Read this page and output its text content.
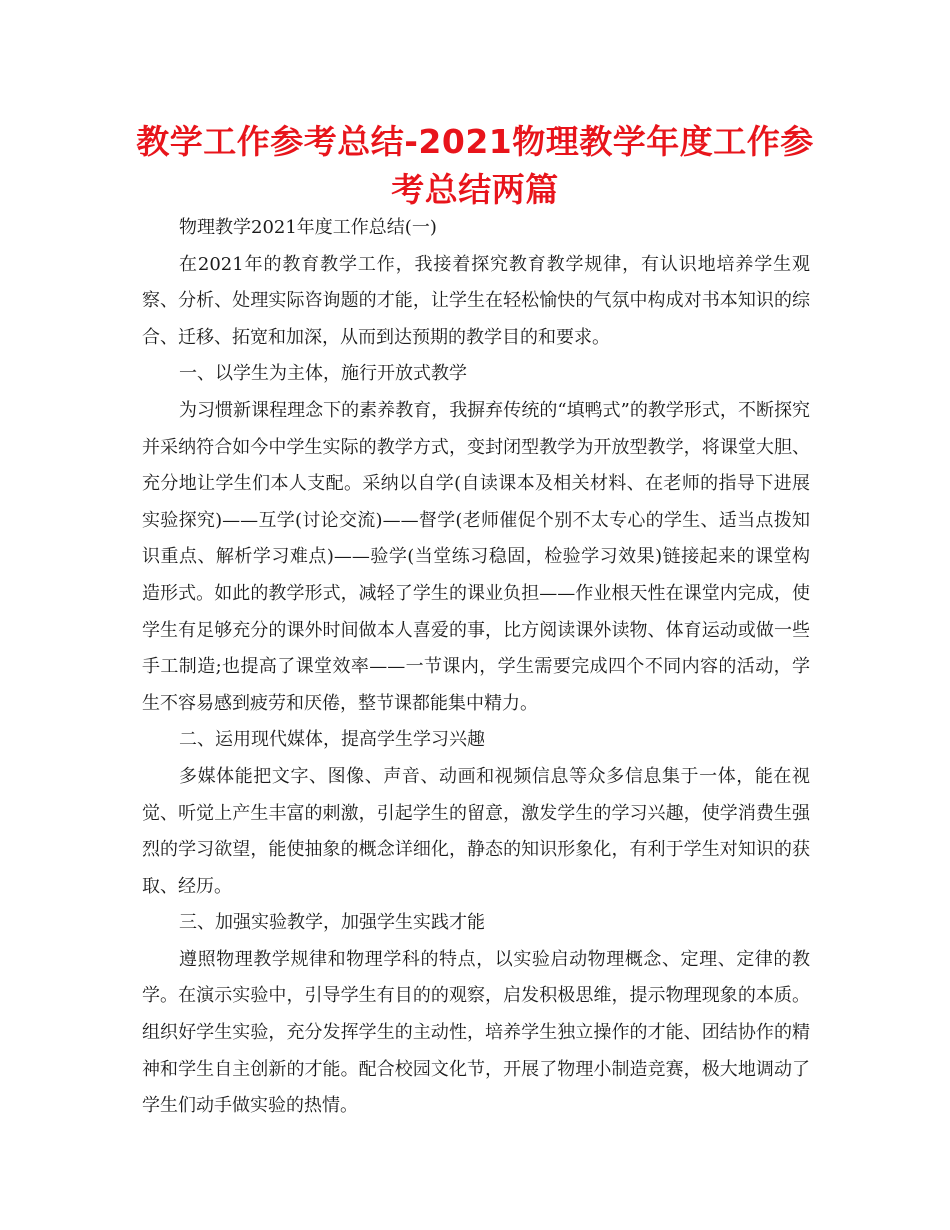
教学工作参考总结-2021物理教学年度工作参考总结两篇

物理教学2021年度工作总结(一)

在2021年的教育教学工作，我接着探究教育教学规律，有认识地培养学生观察、分析、处理实际咨询题的才能，让学生在轻松愉快的气氛中构成对书本知识的综合、迁移、拓宽和加深，从而到达预期的教学目的和要求。

一、以学生为主体，施行开放式教学

为习惯新课程理念下的素养教育，我摒弃传统的“填鸭式”的教学形式，不断探究并采纳符合如今中学生实际的教学方式，变封闭型教学为开放型教学，将课堂大胆、充分地让学生们本人支配。采纳以自学(自读课本及相关材料、在老师的指导下进展实验探究)——互学(讨论交流)——督学(老师催促个别不太专心的学生、适当点拨知识重点、解析学习难点)——验学(当堂练习稳固，检验学习效果)链接起来的课堂构造形式。如此的教学形式，减轻了学生的课业负担——作业根天性在课堂内完成，使学生有足够充分的课外时间做本人喜爱的事，比方阅读课外读物、体育运动或做一些手工制造;也提高了课堂效率——一节课内，学生需要完成四个不同内容的活动，学生不容易感到疲劳和厌倦，整节课都能集中精力。

二、运用现代媒体，提高学生学习兴趣

多媒体能把文字、图像、声音、动画和视频信息等众多信息集于一体，能在视觉、听觉上产生丰富的刺激，引起学生的留意，激发学生的学习兴趣，使学消费生强烈的学习欲望，能使抽象的概念详细化，静态的知识形象化，有利于学生对知识的获取、经历。

三、加强实验教学，加强学生实践才能

遵照物理教学规律和物理学科的特点，以实验启动物理概念、定理、定律的教学。在演示实验中，引导学生有目的的观察，启发积极思维，提示物理现象的本质。组织好学生实验，充分发挥学生的主动性，培养学生独立操作的才能、团结协作的精神和学生自主创新的才能。配合校园文化节，开展了物理小制造竞赛，极大地调动了学生们动手做实验的热情。
